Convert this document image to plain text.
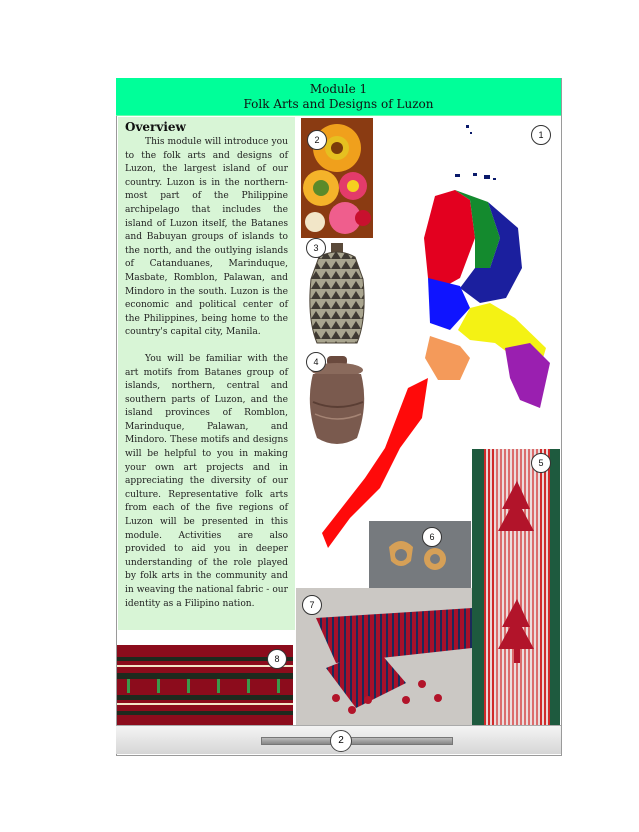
Module 1
Folk Arts and Designs of Luzon
Overview

This module will introduce you to the folk arts and designs of Luzon, the largest island of our country. Luzon is in the northern-most part of the Philippine archipelago that includes the island of Luzon itself, the Batanes and Babuyan groups of islands to the north, and the outlying islands of Catanduanes, Marinduque, Masbate, Romblon, Palawan, and Mindoro in the south. Luzon is the economic and political center of the Philippines, being home to the country's capital city, Manila.

You will be familiar with the art motifs from Batanes group of islands, northern, central and southern parts of Luzon, and the island provinces of Romblon, Marinduque, Palawan, and Mindoro. These motifs and designs will be helpful to you in making your own art projects and in appreciating the diversity of our culture. Representative folk arts from each of the five regions of Luzon will be presented in this module. Activities are also provided to aid you in deeper understanding of the role played by folk arts in the community and in weaving the national fabric - our identity as a Filipino nation.

1
2
3
4
5
6
7
8
2
